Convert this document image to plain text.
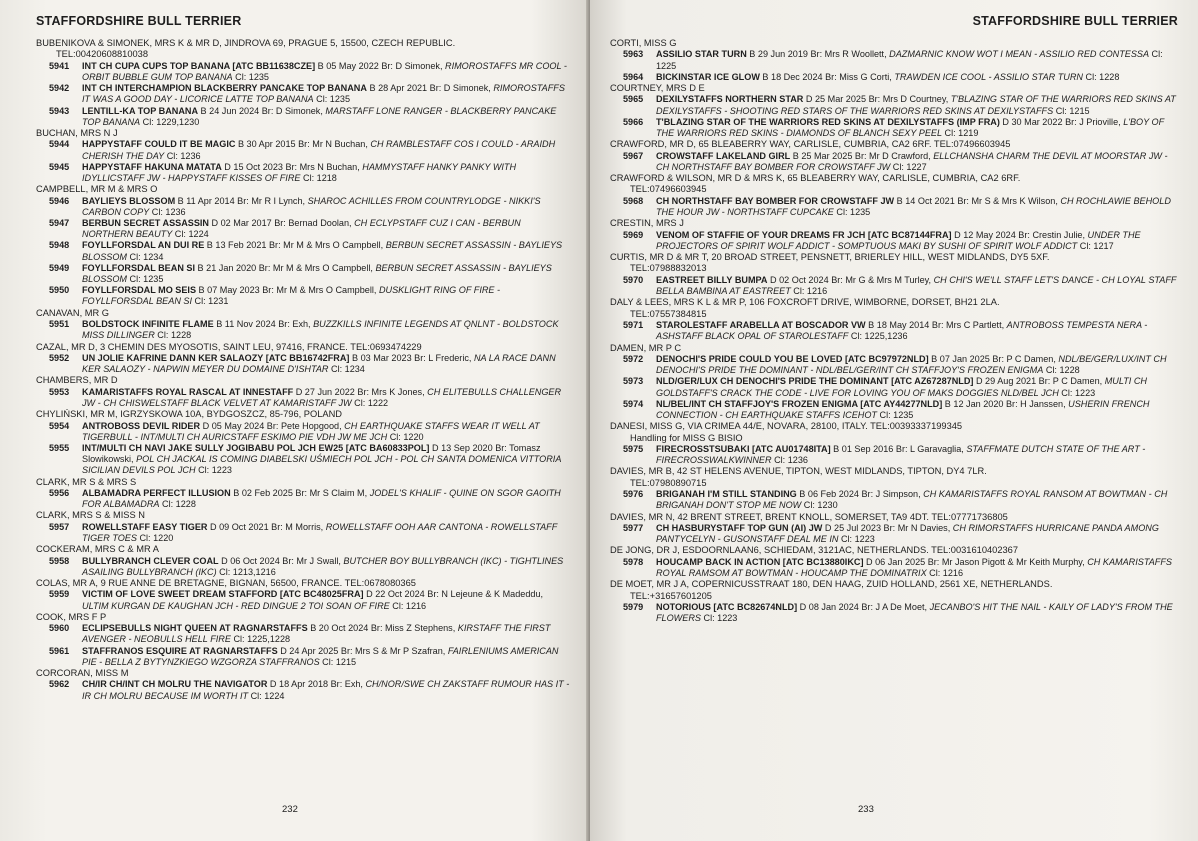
STAFFORDSHIRE BULL TERRIER
BUBENIKOVA & SIMONEK, MRS K & MR D, JINDROVA 69, PRAGUE 5, 15500, CZECH REPUBLIC.
TEL:00420608810038
5941 INT CH CUPA CUPS TOP BANANA [ATC BB11638CZE] B 05 May 2022 Br: D Simonek, RIMOROSTAFFS MR COOL - ORBIT BUBBLE GUM TOP BANANA Cl: 1235
5942 INT CH INTERCHAMPION BLACKBERRY PANCAKE TOP BANANA B 28 Apr 2021 Br: D Simonek, RIMOROSTAFFS IT WAS A GOOD DAY - LICORICE LATTE TOP BANANA Cl: 1235
5943 LENTILL-KA TOP BANANA B 24 Jun 2024 Br: D Simonek, MARSTAFF LONE RANGER - BLACKBERRY PANCAKE TOP BANANA Cl: 1229,1230
BUCHAN, MRS N J
5944 HAPPYSTAFF COULD IT BE MAGIC B 30 Apr 2015 Br: Mr N Buchan, CH RAMBLESTAFF COS I COULD - ARAIDH CHERISH THE DAY Cl: 1236
5945 HAPPYSTAFF HAKUNA MATATA D 15 Oct 2023 Br: Mrs N Buchan, HAMMYSTAFF HANKY PANKY WITH IDYLLICSTAFF JW - HAPPYSTAFF KISSES OF FIRE Cl: 1218
CAMPBELL, MR M & MRS O
5946 BAYLIEYS BLOSSOM B 11 Apr 2014 Br: Mr R I Lynch, SHAROC ACHILLES FROM COUNTRYLODGE - NIKKI'S CARBON COPY Cl: 1236
5947 BERBUN SECRET ASSASSIN D 02 Mar 2017 Br: Bernad Doolan, CH ECLYPSTAFF CUZ I CAN - BERBUN NORTHERN BEAUTY Cl: 1224
5948 FOYLLFORSDAL AN DUI RE B 13 Feb 2021 Br: Mr M & Mrs O Campbell, BERBUN SECRET ASSASSIN - BAYLIEYS BLOSSOM Cl: 1234
5949 FOYLLFORSDAL BEAN SI B 21 Jan 2020 Br: Mr M & Mrs O Campbell, BERBUN SECRET ASSASSIN - BAYLIEYS BLOSSOM Cl: 1235
5950 FOYLLFORSDAL MO SEIS B 07 May 2023 Br: Mr M & Mrs O Campbell, DUSKLIGHT RING OF FIRE - FOYLLFORSDAL BEAN SI Cl: 1231
CANAVAN, MR G
5951 BOLDSTOCK INFINITE FLAME B 11 Nov 2024 Br: Exh, BUZZKILLS INFINITE LEGENDS AT QNLNT - BOLDSTOCK MISS DILLINGER Cl: 1228
CAZAL, MR D, 3 CHEMIN DES MYOSOTIS, SAINT LEU, 97416, FRANCE. TEL:0693474229
5952 UN JOLIE KAFRINE DANN KER SALAOZY [ATC BB16742FRA] B 03 Mar 2023 Br: L Frederic, NA LA RACE DANN KER SALAOZY - NAPWIN MEYER DU DOMAINE D'ISHTAR Cl: 1234
CHAMBERS, MR D
5953 KAMARISTAFFS ROYAL RASCAL AT INNESTAFF D 27 Jun 2022 Br: Mrs K Jones, CH ELITEBULLS CHALLENGER JW - CH CHISWELSTAFF BLACK VELVET AT KAMARISTAFF JW Cl: 1222
CHYLIŃSKI, MR M, IGRZYSKOWA 10A, BYDGOSZCZ, 85-796, POLAND
5954 ANTROBOSS DEVIL RIDER D 05 May 2024 Br: Pete Hopgood, CH EARTHQUAKE STAFFS WEAR IT WELL AT TIGERBULL - INT/MULTI CH AURICSTAFF ESKIMO PIE VDH JW ME JCH Cl: 1220
5955 INT/MULTI CH NAVI JAKE SULLY JOGIBABU POL JCH EW25 [ATC BA60833POL] D 13 Sep 2020 Br: Tomasz Slowikowski, POL CH JACKAL IS COMING DIABELSKI UŚMIECH POL JCH - POL CH SANTA DOMENICA VITTORIA SICILIAN DEVILS POL JCH Cl: 1223
CLARK, MR S & MRS S
5956 ALBAMADRA PERFECT ILLUSION B 02 Feb 2025 Br: Mr S Claim M, JODEL'S KHALIF - QUINE ON SGOR GAOITH FOR ALBAMADRA Cl: 1228
CLARK, MRS S & MISS N
5957 ROWELLSTAFF EASY TIGER D 09 Oct 2021 Br: M Morris, ROWELLSTAFF OOH AAR CANTONA - ROWELLSTAFF TIGER TOES Cl: 1220
COCKERAM, MRS C & MR A
5958 BULLYBRANCH CLEVER COAL D 06 Oct 2024 Br: Mr J Swall, BUTCHER BOY BULLYBRANCH (IKC) - TIGHTLINES ASAILING BULLYBRANCH (IKC) Cl: 1213,1216
COLAS, MR A, 9 RUE ANNE DE BRETAGNE, BIGNAN, 56500, FRANCE. TEL:0678080365
5959 VICTIM OF LOVE SWEET DREAM STAFFORD [ATC BC48025FRA] D 22 Oct 2024 Br: N Lejeune & K Madeddu, ULTIM KURGAN DE KAUGHAN JCH - RED DINGUE 2 TOI SOAN OF FIRE Cl: 1216
COOK, MRS F P
5960 ECLIPSEBULLS NIGHT QUEEN AT RAGNARSTAFFS B 20 Oct 2024 Br: Miss Z Stephens, KIRSTAFF THE FIRST AVENGER - NEOBULLS HELL FIRE Cl: 1225,1228
5961 STAFFRANOS ESQUIRE AT RAGNARSTAFFS D 24 Apr 2025 Br: Mrs S & Mr P Szafran, FAIRLENIUMS AMERICAN PIE - BELLA Z BYTYNZKIEGO WZGORZA STAFFRANOS Cl: 1215
CORCORAN, MISS M
5962 CH/IR CH/INT CH MOLRU THE NAVIGATOR D 18 Apr 2018 Br: Exh, CH/NOR/SWE CH ZAKSTAFF RUMOUR HAS IT - IR CH MOLRU BECAUSE IM WORTH IT Cl: 1224
232
STAFFORDSHIRE BULL TERRIER
CORTI, MISS G
5963 ASSILIO STAR TURN B 29 Jun 2019 Br: Mrs R Woollett, DAZMARNIC KNOW WOT I MEAN - ASSILIO RED CONTESSA Cl: 1225
5964 BICKINSTAR ICE GLOW B 18 Dec 2024 Br: Miss G Corti, TRAWDEN ICE COOL - ASSILIO STAR TURN Cl: 1228
COURTNEY, MRS D E
5965 DEXILYSTAFFS NORTHERN STAR D 25 Mar 2025 Br: Mrs D Courtney, T'BLAZING STAR OF THE WARRIORS RED SKINS AT DEXILYSTAFFS - SHOOTING RED STARS OF THE WARRIORS RED SKINS AT DEXILYSTAFFS Cl: 1215
5966 T'BLAZING STAR OF THE WARRIORS RED SKINS AT DEXILYSTAFFS (IMP FRA) D 30 Mar 2022 Br: J Prioville, L'BOY OF THE WARRIORS RED SKINS - DIAMONDS OF BLANCH SEXY PEEL Cl: 1219
CRAWFORD, MR D, 65 BLEABERRY WAY, CARLISLE, CUMBRIA, CA2 6RF. TEL:07496603945
5967 CROWSTAFF LAKELAND GIRL B 25 Mar 2025 Br: Mr D Crawford, ELLCHANSHA CHARM THE DEVIL AT MOORSTAR JW - CH NORTHSTAFF BAY BOMBER FOR CROWSTAFF JW Cl: 1227
CRAWFORD & WILSON, MR D & MRS K, 65 BLEABERRY WAY, CARLISLE, CUMBRIA, CA2 6RF.
TEL:07496603945
5968 CH NORTHSTAFF BAY BOMBER FOR CROWSTAFF JW B 14 Oct 2021 Br: Mr S & Mrs K Wilson, CH ROCHLAWIE BEHOLD THE HOUR JW - NORTHSTAFF CUPCAKE Cl: 1235
CRESTIN, MRS J
5969 VENOM OF STAFFIE OF YOUR DREAMS FR JCH [ATC BC87144FRA] D 12 May 2024 Br: Crestin Julie, UNDER THE PROJECTORS OF SPIRIT WOLF ADDICT - SOMPTUOUS MAKI BY SUSHI OF SPIRIT WOLF ADDICT Cl: 1217
CURTIS, MR D & MR T, 20 BROAD STREET, PENSNETT, BRIERLEY HILL, WEST MIDLANDS, DY5 5XF.
TEL:07988832013
5970 EASTREET BILLY BUMPA D 02 Oct 2024 Br: Mr G & Mrs M Turley, CH CHI'S WE'LL STAFF LET'S DANCE - CH LOYAL STAFF BELLA BAMBINA AT EASTREET Cl: 1216
DALY & LEES, MRS K L & MR P, 106 FOXCROFT DRIVE, WIMBORNE, DORSET, BH21 2LA.
TEL:07557384815
5971 STAROLESTAFF ARABELLA AT BOSCADOR VW B 18 May 2014 Br: Mrs C Partlett, ANTROBOSS TEMPESTA NERA - ASHSTAFF BLACK OPAL OF STAROLESTAFF Cl: 1225,1236
DAMEN, MR P C
5972 DENOCHI'S PRIDE COULD YOU BE LOVED [ATC BC97972NLD] B 07 Jan 2025 Br: P C Damen, NDL/BE/GER/LUX/INT CH DENOCHI'S PRIDE THE DOMINANT - NDL/BEL/GER/INT CH STAFFJOY'S FROZEN ENIGMA Cl: 1228
5973 NLD/GER/LUX CH DENOCHI'S PRIDE THE DOMINANT [ATC AZ67287NLD] D 29 Aug 2021 Br: P C Damen, MULTI CH GOLDSTAFF'S CRACK THE CODE - LIVE FOR LOVING YOU OF MAKS DOGGIES NLD/BEL JCH Cl: 1223
5974 NL/BEL/INT CH STAFFJOY'S FROZEN ENIGMA [ATC AY44277NLD] B 12 Jan 2020 Br: H Janssen, USHERIN FRENCH CONNECTION - CH EARTHQUAKE STAFFS ICEHOT Cl: 1235
DANESI, MISS G, VIA CRIMEA 44/E, NOVARA, 28100, ITALY. TEL:00393337199345
Handling for MISS G BISIO
5975 FIRECROSSTSUBAKI [ATC AU01748ITA] B 01 Sep 2016 Br: L Garavaglia, STAFFMATE DUTCH STATE OF THE ART - FIRECROSSWALKWINNER Cl: 1236
DAVIES, MR B, 42 ST HELENS AVENUE, TIPTON, WEST MIDLANDS, TIPTON, DY4 7LR.
TEL:07980890715
5976 BRIGANAH I'M STILL STANDING B 06 Feb 2024 Br: J Simpson, CH KAMARISTAFFS ROYAL RANSOM AT BOWTMAN - CH BRIGANAH DON'T STOP ME NOW Cl: 1230
DAVIES, MR N, 42 BRENT STREET, BRENT KNOLL, SOMERSET, TA9 4DT. TEL:07771736805
5977 CH HASBURYSTAFF TOP GUN (AI) JW D 25 Jul 2023 Br: Mr N Davies, CH RIMORSTAFFS HURRICANE PANDA AMONG PANTYCELYN - GUSONSTAFF DEAL ME IN Cl: 1223
DE JONG, DR J, ESDOORNLAAN6, SCHIEDAM, 3121AC, NETHERLANDS. TEL:0031610402367
5978 HOUCAMP BACK IN ACTION [ATC BC13880IKC] D 06 Jan 2025 Br: Mr Jason Pigott & Mr Keith Murphy, CH KAMARISTAFFS ROYAL RAMSOM AT BOWTMAN - HOUCAMP THE DOMINATRIX Cl: 1216
DE MOET, MR J A, COPERNICUSSTRAAT 180, DEN HAAG, ZUID HOLLAND, 2561 XE, NETHERLANDS.
TEL:+31657601205
5979 NOTORIOUS [ATC BC82674NLD] D 08 Jan 2024 Br: J A De Moet, JECANBO'S HIT THE NAIL - KAILY OF LADY'S FROM THE FLOWERS Cl: 1223
233
